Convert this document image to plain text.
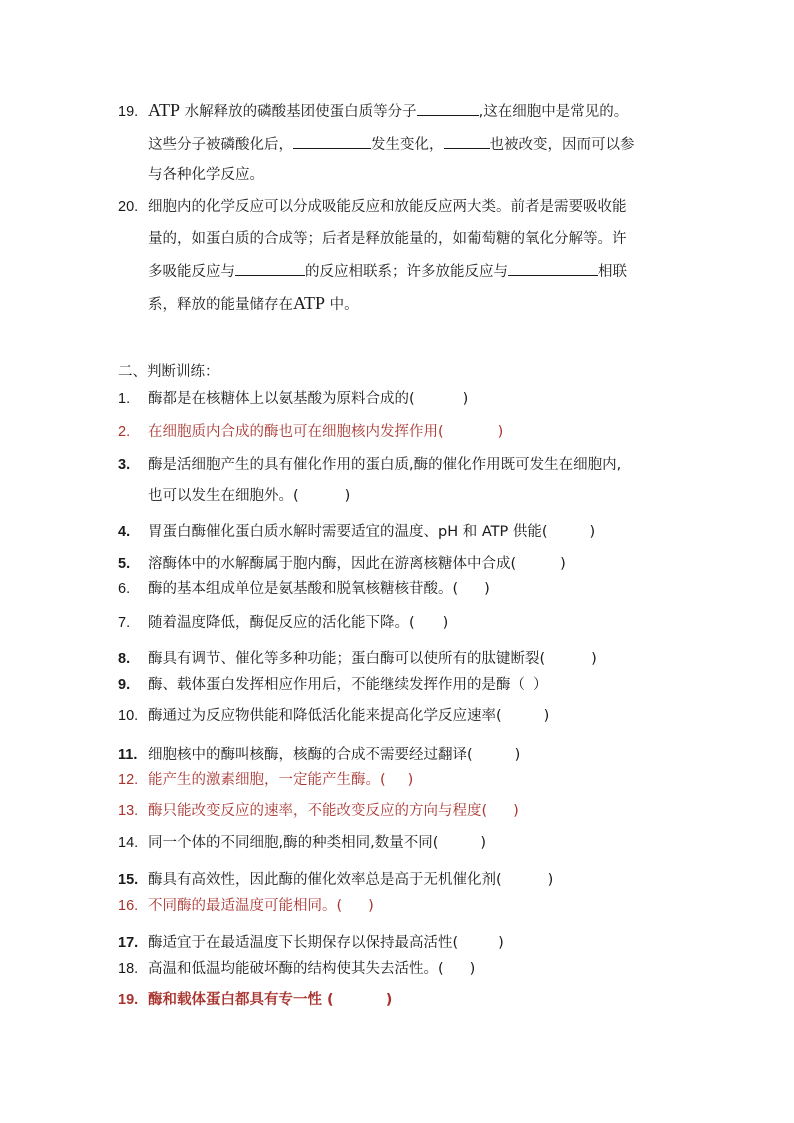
19. ATP 水解释放的磷酸基团使蛋白质等分子	,这在细胞中是常见的。
这些分子被磷酸化后，	发生变化，	也被改变，因而可以参
与各种化学反应。
20. 细胞内的化学反应可以分成吸能反应和放能反应两大类。前者是需要吸收能
量的，如蛋白质的合成等；后者是释放能量的，如葡萄糖的氧化分解等。许
多吸能反应与	的反应相联系；许多放能反应与	相联
系，释放的能量储存在ATP 中。
二、判断训练：
1. 酶都是在核糖体上以氨基酸为原料合成的(	)
2. 在细胞质内合成的酶也可在细胞核内发挥作用(	)
3. 酶是活细胞产生的具有催化作用的蛋白质,酶的催化作用既可发生在细胞内,
也可以发生在细胞外。(	)
4. 胃蛋白酶催化蛋白质水解时需要适宜的温度、pH 和 ATP 供能(	)
5. 溶酶体中的水解酶属于胞内酶，因此在游离核糖体中合成(	)
6. 酶的基本组成单位是氨基酸和脱氧核糖核苷酸。( )
7. 随着温度降低，酶促反应的活化能下降。( )
8. 酶具有调节、催化等多种功能；蛋白酶可以使所有的肽键断裂(	)
9. 酶、载体蛋白发挥相应作用后，不能继续发挥作用的是酶（ ）
10. 酶通过为反应物供能和降低活化能来提高化学反应速率(	)
11. 细胞核中的酶叫核酶，核酶的合成不需要经过翻译(	)
12. 能产生的激素细胞，一定能产生酶。( )
13. 酶只能改变反应的速率，不能改变反应的方向与程度( )
14. 同一个体的不同细胞,酶的种类相同,数量不同(	)
15. 酶具有高效性，因此酶的催化效率总是高于无机催化剂(	)
16. 不同酶的最适温度可能相同。( )
17. 酶适宜于在最适温度下长期保存以保持最高活性(	)
18. 高温和低温均能破坏酶的结构使其失去活性。( )
19. 酶和载体蛋白都具有专一性 (	)
